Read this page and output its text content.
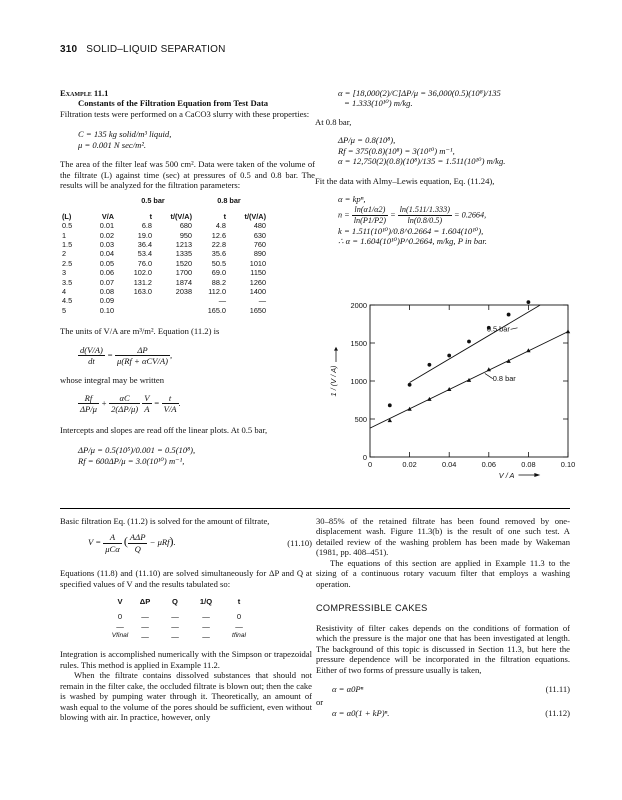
310 SOLID–LIQUID SEPARATION

Example 11.1

Constants of the Filtration Equation from Test Data

Filtration tests were performed on a CaCO3 slurry with these properties:

C = 135 kg solid/m³ liquid,

μ = 0.001 N sec/m².

The area of the filter leaf was 500 cm². Data were taken of the volume of the filtrate (L) against time (sec) at pressures of 0.5 and 0.8 bar. The results will be analyzed for the filtration parameters:

		0.5 bar		0.8 bar	
(L)	V/A	t	t/(V/A)	t	t/(V/A)
0.5	0.01	6.8	680	4.8	480
1	0.02	19.0	950	12.6	630
1.5	0.03	36.4	1213	22.8	760
2	0.04	53.4	1335	35.6	890
2.5	0.05	76.0	1520	50.5	1010
3	0.06	102.0	1700	69.0	1150
3.5	0.07	131.2	1874	88.2	1260
4	0.08	163.0	2038	112.0	1400
4.5	0.09			—	—
5	0.10			165.0	1650

The units of V/A are m³/m². Equation (11.2) is

$\frac{d(V/A)}{dt} = \frac{\Delta P}{\text{μ(Rf + αCV/A)}}$ ,

whose integral may be written

$\frac{Rf}{\Delta P/\mu} + \frac{\alpha C}{2(\Delta P/\mu)}$
$\frac{V}{A} = \frac{t}{V/A}$ .

Intercepts and slopes are read off the linear plots. At 0.5 bar,

ΔP/μ = 0.5(10⁵)/0.001 = 0.5(10⁸),

Rf = 600ΔP/μ = 3.0(10¹⁰) m⁻¹,

α = [18,000(2)/C]ΔP/μ = 36,000(0.5)(10⁸)/135

= 1.333(10¹⁰) m/kg.

At 0.8 bar,

ΔP/μ = 0.8(10⁸),

Rf = 375(0.8)(10⁸) = 3(10¹⁰) m⁻¹,

α = 12,750(2)(0.8)(10⁸)/135 = 1.511(10¹⁰) m/kg.

Fit the data with Almy–Lewis equation, Eq. (11.24),

α = kpⁿ,

$n = \frac{\ln(\alpha 1/\alpha 2)}{\ln(P1/P2)} = \frac{\ln(1.511/1.333)}{\ln(0.8/0.5)} = 0.2664$,

k = 1.511(10¹⁰)/0.8^0.2664 = 1.604(10¹⁰),

∴ α = 1.604(10¹⁰)P^0.2664, m/kg, P in bar.

0
500
1000
1500
2000
0	0.02	0.04	0.06	0.08	0.10
V / A
1 / (V / A)
0.5 bar
0.8 bar

Basic filtration Eq. (11.2) is solved for the amount of filtrate,

$V = \frac{A}{\text{μCα}}$ ( $\frac{\text{AΔP}}{Q} - \mu Rf$).	(11.10)

Equations (11.8) and (11.10) are solved simultaneously for ΔP and Q at specified values of V and the results tabulated so:

V	ΔP	Q	1/Q	t
0	—	—	—	0
—	—	—	—	—
Vfinal	—	—	—	tfinal

Integration is accomplished numerically with the Simpson or trapezoidal rules. This method is applied in Example 11.2.

When the filtrate contains dissolved substances that should not remain in the filter cake, the occluded filtrate is blown out; then the cake is washed by pumping water through it. Theoretically, an amount of wash equal to the volume of the pores should be sufficient, even without blowing with air. In practice, however, only

30–85% of the retained filtrate has been found removed by one-displacement wash. Figure 11.3(b) is the result of one such test. A detailed review of the washing problem has been made by Wakeman (1981, pp. 408–451).

The equations of this section are applied in Example 11.3 to the sizing of a continuous rotary vacuum filter that employs a washing operation.

COMPRESSIBLE CAKES

Resistivity of filter cakes depends on the conditions of formation of which the pressure is the major one that has been investigated at length. The background of this topic is discussed in Section 11.3, but here the pressure dependence will be incorporated in the filtration equations. Either of two forms of pressure usually is taken,

α = α0Pⁿ	(11.11)

or

α = α0(1 + kP)ⁿ.	(11.12)
